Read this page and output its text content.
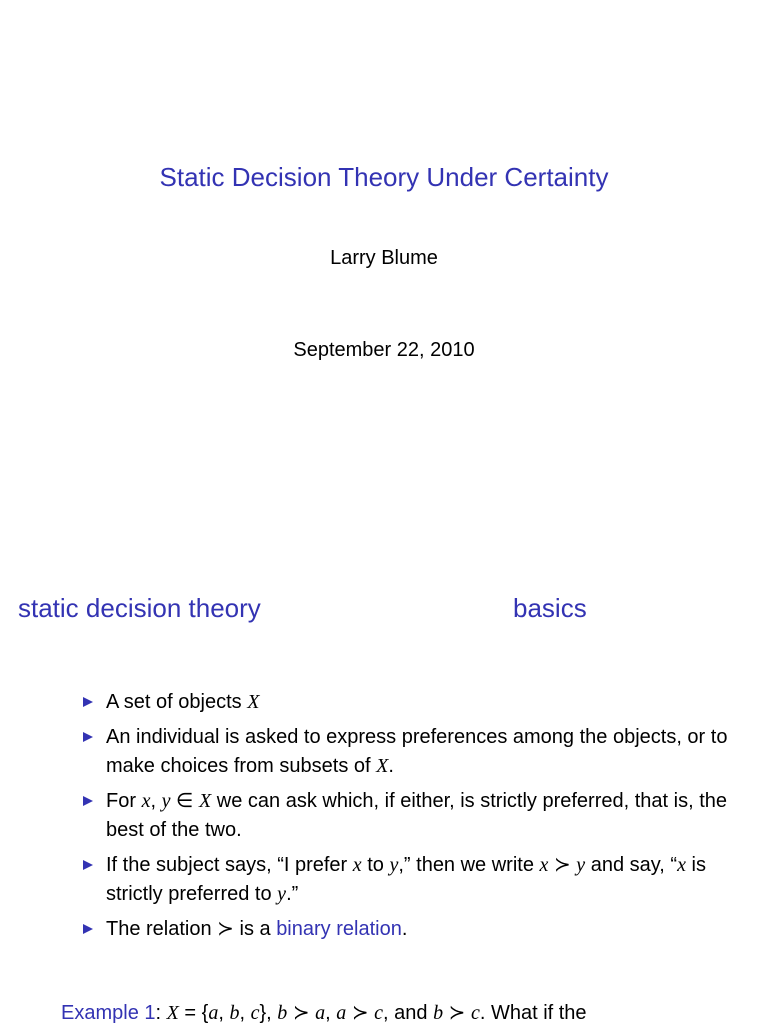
Static Decision Theory Under Certainty
Larry Blume
September 22, 2010
static decision theory	basics
A set of objects X
An individual is asked to express preferences among the objects, or to make choices from subsets of X.
For x, y ∈ X we can ask which, if either, is strictly preferred, that is, the best of the two.
If the subject says, “I prefer x to y,” then we write x ≻ y and say, “x is strictly preferred to y.”
The relation ≻ is a binary relation.
Example 1: X = {a, b, c}, b ≻ a, a ≻ c, and b ≻ c. What if the
